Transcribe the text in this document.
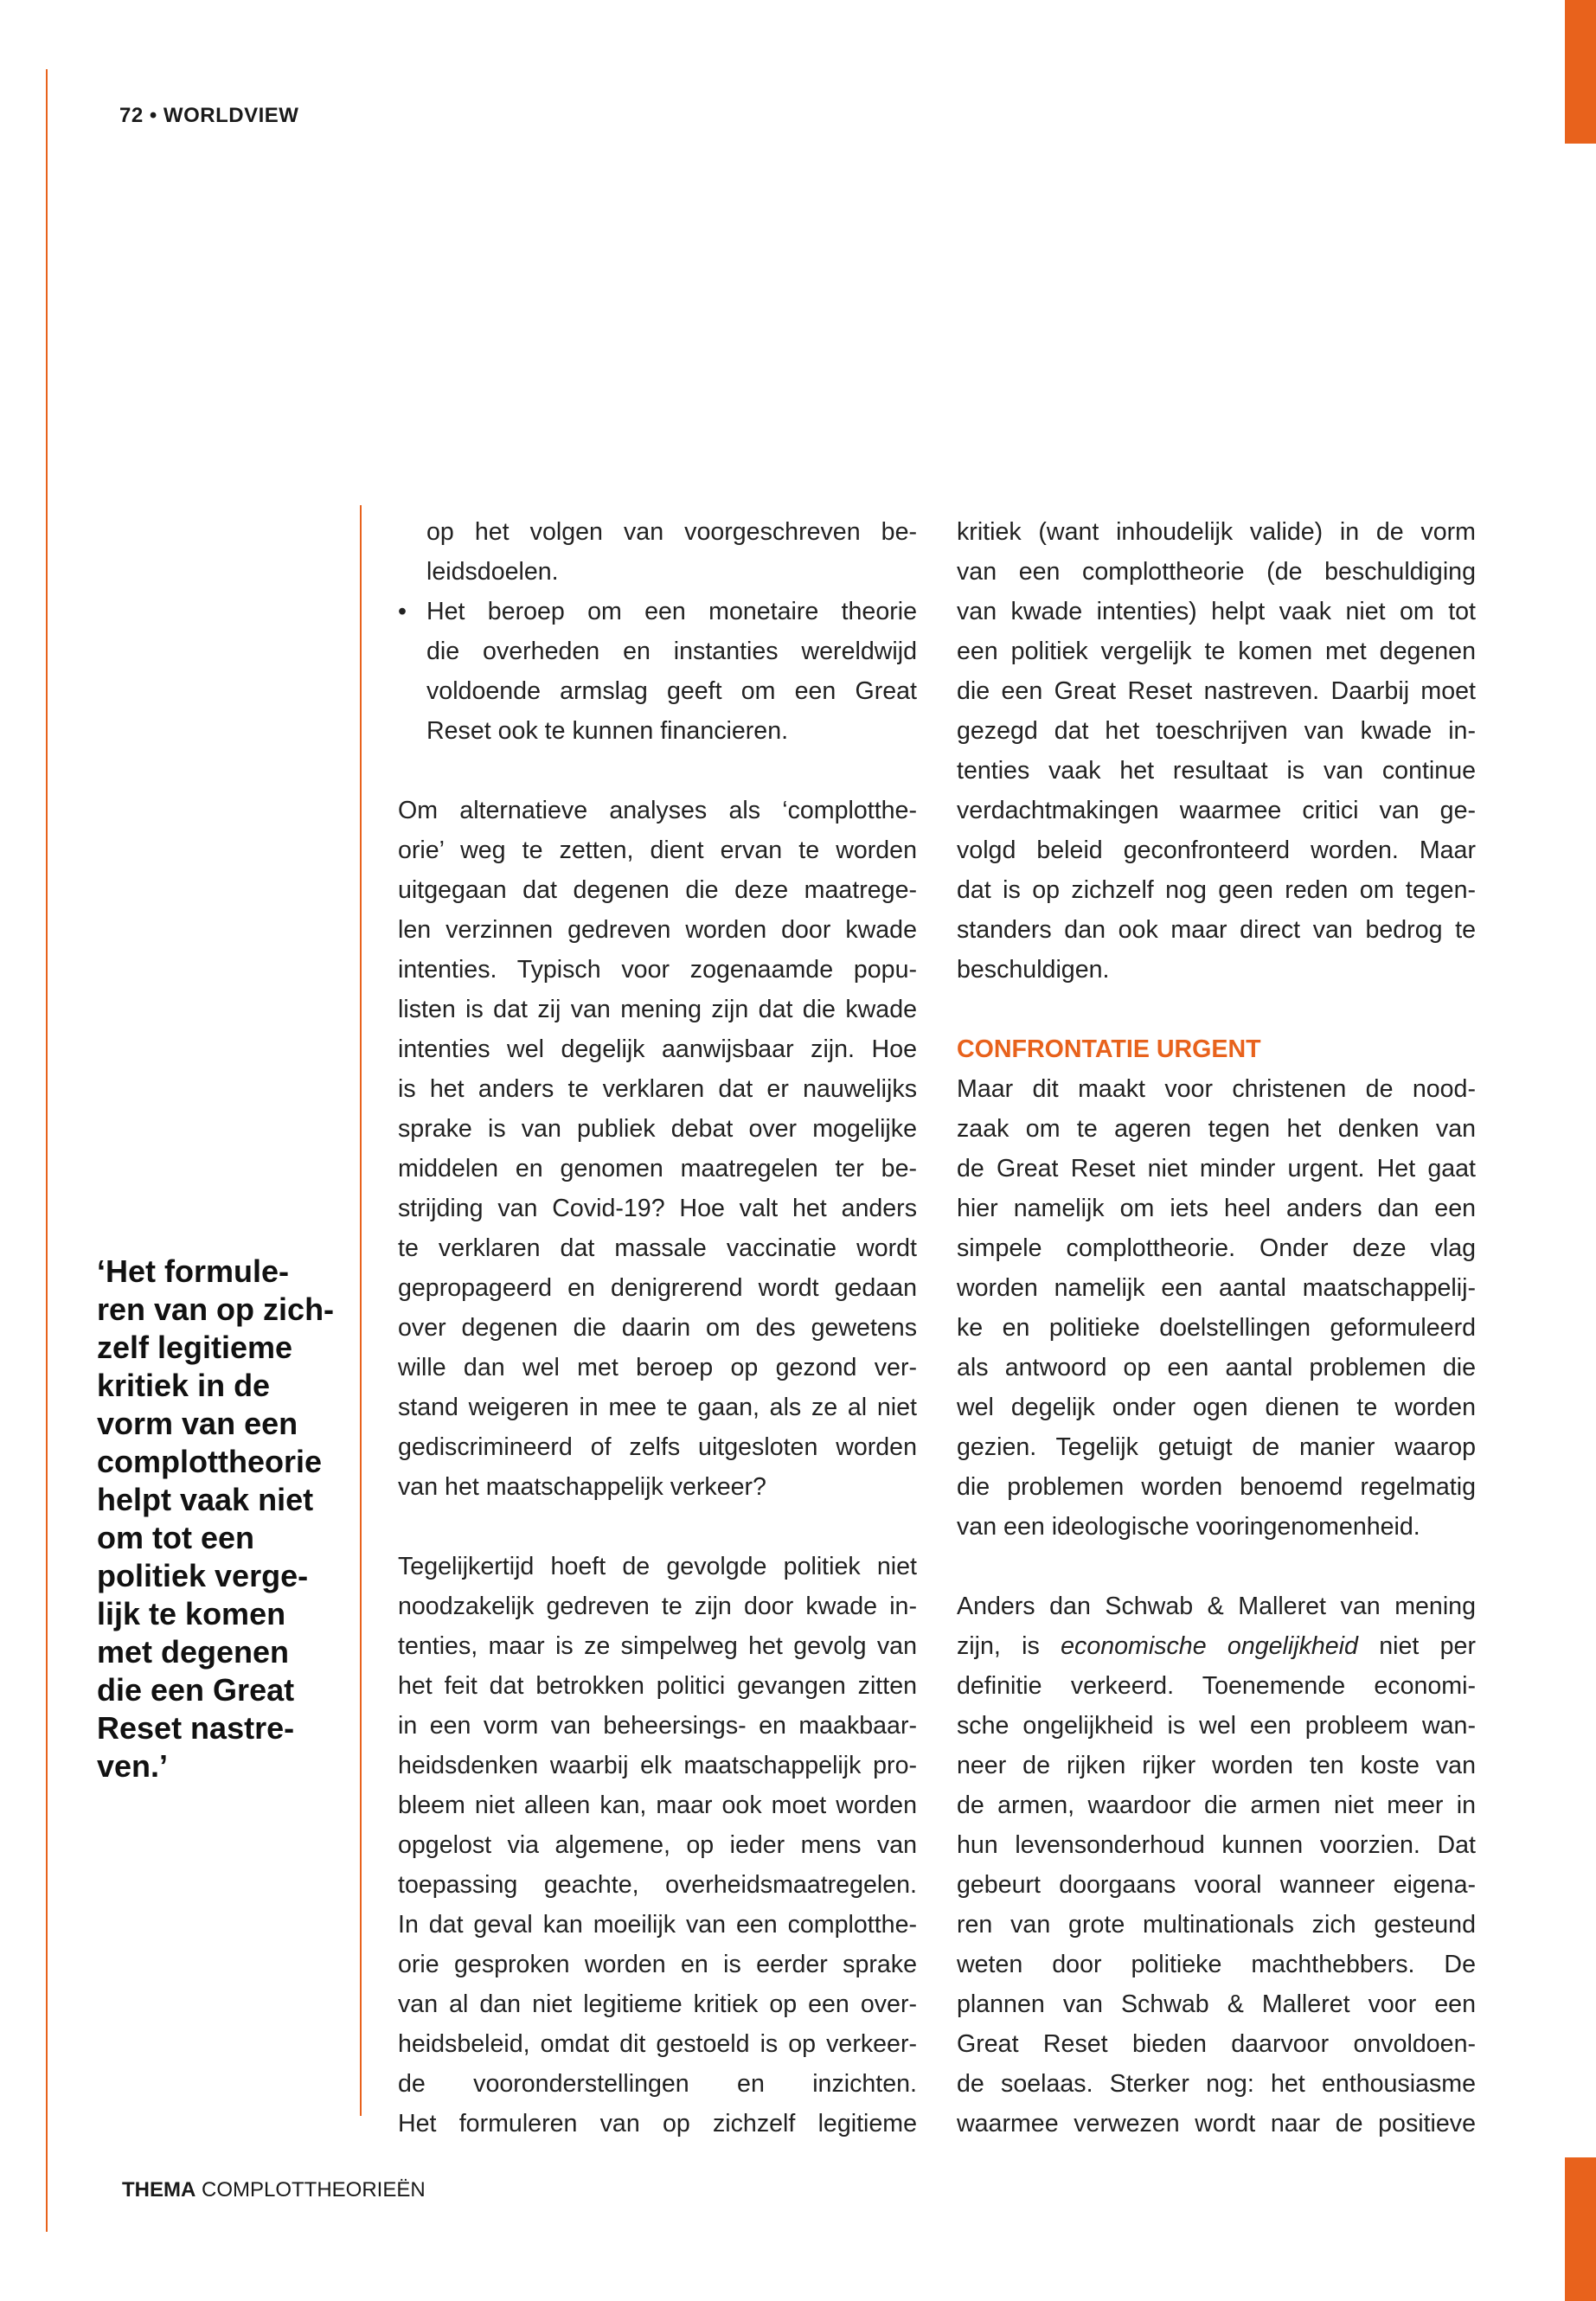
72 • WORLDVIEW
‘Het formule-
ren van op zich-
zelf legitieme
kritiek in de
vorm van een
complottheorie
helpt vaak niet
om tot een
politiek verge-
lijk te komen
met degenen
die een Great
Reset nastre-
ven.’
op het volgen van voorgeschreven be-
leidsdoelen.
• Het beroep om een monetaire theorie
die overheden en instanties wereldwijd
voldoende armslag geeft om een Great
Reset ook te kunnen financieren.
Om alternatieve analyses als ‘complotthe-
orie’ weg te zetten, dient ervan te worden
uitgegaan dat degenen die deze maatrege-
len verzinnen gedreven worden door kwade
intenties. Typisch voor zogenaamde popu-
listen is dat zij van mening zijn dat die kwade
intenties wel degelijk aanwijsbaar zijn. Hoe
is het anders te verklaren dat er nauwelijks
sprake is van publiek debat over mogelijke
middelen en genomen maatregelen ter be-
strijding van Covid-19? Hoe valt het anders
te verklaren dat massale vaccinatie wordt
gepropageerd en denigrerend wordt gedaan
over degenen die daarin om des gewetens
wille dan wel met beroep op gezond ver-
stand weigeren in mee te gaan, als ze al niet
gediscrimineerd of zelfs uitgesloten worden
van het maatschappelijk verkeer?
Tegelijkertijd hoeft de gevolgde politiek niet
noodzakelijk gedreven te zijn door kwade in-
tenties, maar is ze simpelweg het gevolg van
het feit dat betrokken politici gevangen zitten
in een vorm van beheersings- en maakbaar-
heidsdenken waarbij elk maatschappelijk pro-
bleem niet alleen kan, maar ook moet worden
opgelost via algemene, op ieder mens van
toepassing geachte, overheidsmaatregelen.
In dat geval kan moeilijk van een complotthe-
orie gesproken worden en is eerder sprake
van al dan niet legitieme kritiek op een over-
heidsbeleid, omdat dit gestoeld is op verkeer-
de vooronderstellingen en inzichten.
Het formuleren van op zichzelf legitieme
kritiek (want inhoudelijk valide) in de vorm
van een complottheorie (de beschuldiging
van kwade intenties) helpt vaak niet om tot
een politiek vergelijk te komen met degenen
die een Great Reset nastreven. Daarbij moet
gezegd dat het toeschrijven van kwade in-
tenties vaak het resultaat is van continue
verdachtmakingen waarmee critici van ge-
volgd beleid geconfronteerd worden. Maar
dat is op zichzelf nog geen reden om tegen-
standers dan ook maar direct van bedrog te
beschuldigen.
CONFRONTATIE URGENT
Maar dit maakt voor christenen de nood-
zaak om te ageren tegen het denken van
de Great Reset niet minder urgent. Het gaat
hier namelijk om iets heel anders dan een
simpele complottheorie. Onder deze vlag
worden namelijk een aantal maatschappelij-
ke en politieke doelstellingen geformuleerd
als antwoord op een aantal problemen die
wel degelijk onder ogen dienen te worden
gezien. Tegelijk getuigt de manier waarop
die problemen worden benoemd regelmatig
van een ideologische vooringenomenheid.
Anders dan Schwab & Malleret van mening
zijn, is economische ongelijkheid niet per
definitie verkeerd. Toenemende economi-
sche ongelijkheid is wel een probleem wan-
neer de rijken rijker worden ten koste van
de armen, waardoor die armen niet meer in
hun levensonderhoud kunnen voorzien. Dat
gebeurt doorgaans vooral wanneer eigena-
ren van grote multinationals zich gesteund
weten door politieke machthebbers. De
plannen van Schwab & Malleret voor een
Great Reset bieden daarvoor onvoldoen-
de soelaas. Sterker nog: het enthousiasme
waarmee verwezen wordt naar de positieve
THEMA COMPLOTTHEORIEËN
